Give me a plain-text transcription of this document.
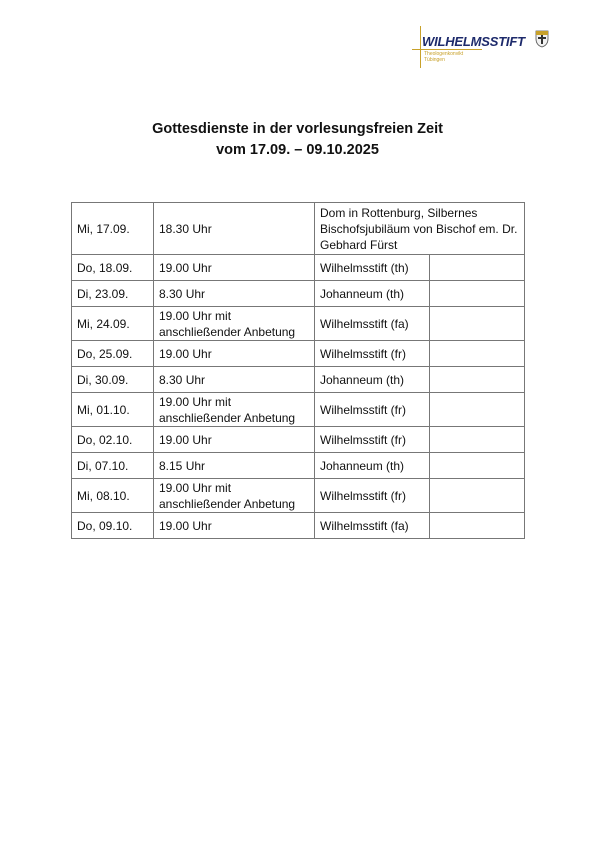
WILHELMSSTIFT
Theologenkonvikt
Tübingen
Gottesdienste in der vorlesungsfreien Zeit
vom 17.09. – 09.10.2025
Mi, 17.09.	18.30 Uhr	Dom in Rottenburg, Silbernes Bischofsjubiläum von Bischof em. Dr. Gebhard Fürst	
Do, 18.09.	19.00 Uhr	Wilhelmsstift (th)	
Di, 23.09.	8.30 Uhr	Johanneum (th)	
Mi, 24.09.	19.00 Uhr mit anschließender Anbetung	Wilhelmsstift (fa)	
Do, 25.09.	19.00 Uhr	Wilhelmsstift (fr)	
Di, 30.09.	8.30 Uhr	Johanneum (th)	
Mi, 01.10.	19.00 Uhr mit anschließender Anbetung	Wilhelmsstift (fr)	
Do, 02.10.	19.00 Uhr	Wilhelmsstift (fr)	
Di, 07.10.	8.15 Uhr	Johanneum (th)	
Mi, 08.10.	19.00 Uhr mit anschließender Anbetung	Wilhelmsstift (fr)	
Do, 09.10.	19.00 Uhr	Wilhelmsstift (fa)	
